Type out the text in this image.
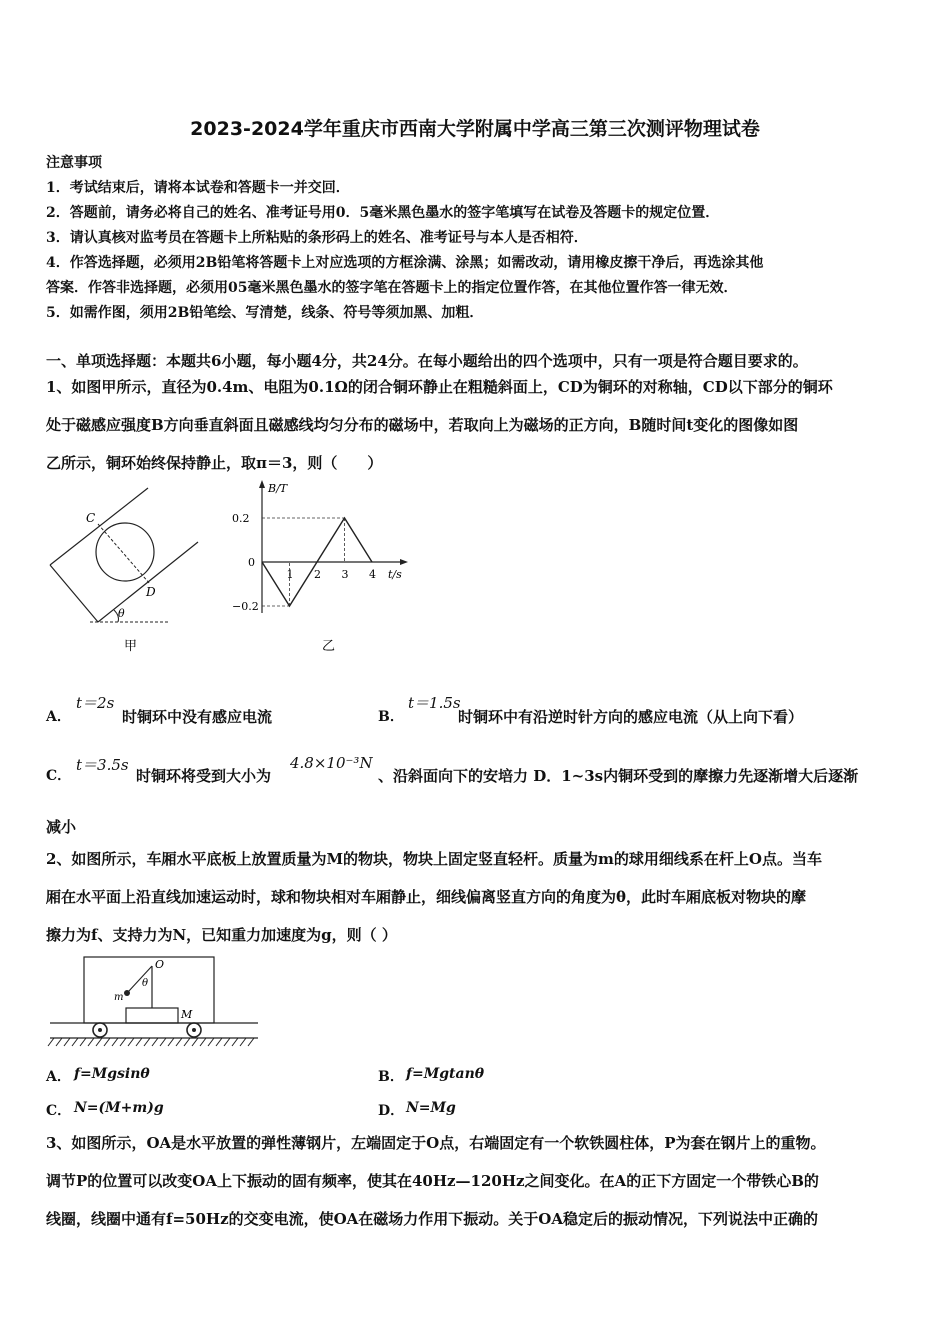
2023-2024学年重庆市西南大学附属中学高三第三次测评物理试卷
注意事项
1．考试结束后，请将本试卷和答题卡一并交回．
2．答题前，请务必将自己的姓名、准考证号用0．5毫米黑色墨水的签字笔填写在试卷及答题卡的规定位置．
3．请认真核对监考员在答题卡上所粘贴的条形码上的姓名、准考证号与本人是否相符．
4．作答选择题，必须用2B铅笔将答题卡上对应选项的方框涂满、涂黑；如需改动，请用橡皮擦干净后，再选涂其他
答案．作答非选择题，必须用05毫米黑色墨水的签字笔在答题卡上的指定位置作答，在其他位置作答一律无效．
5．如需作图，须用2B铅笔绘、写清楚，线条、符号等须加黑、加粗．
一、单项选择题：本题共6小题，每小题4分，共24分。在每小题给出的四个选项中，只有一项是符合题目要求的。
1、如图甲所示，直径为0.4m、电阻为0.1Ω的闭合铜环静止在粗糙斜面上，CD为铜环的对称轴，CD以下部分的铜环
处于磁感应强度B方向垂直斜面且磁感线均匀分布的磁场中，若取向上为磁场的正方向，B随时间t变化的图像如图
乙所示，铜环始终保持静止，取π＝3，则（　　）
C
D
θ
甲
B/T
t/s
1 2 3 4
0.2
0
−0.2
乙
A．
t＝2s
时铜环中没有感应电流	B．
t＝1.5s
时铜环中有沿逆时针方向的感应电流（从上向下看）
C．
t＝3.5s
时铜环将受到大小为
4.8×10⁻³N
、沿斜面向下的安培力 D．1~3s内铜环受到的摩擦力先逐渐增大后逐渐
减小
2、如图所示，车厢水平底板上放置质量为M的物块，物块上固定竖直轻杆。质量为m的球用细线系在杆上O点。当车
厢在水平面上沿直线加速运动时，球和物块相对车厢静止，细线偏离竖直方向的角度为θ，此时车厢底板对物块的摩
擦力为f、支持力为N，已知重力加速度为g，则（ ）
O
m
θ
M
A． f=Mgsinθ	B． f=Mgtanθ
C． N=(M+m)g	D． N=Mg
3、如图所示，OA是水平放置的弹性薄钢片，左端固定于O点，右端固定有一个软铁圆柱体，P为套在钢片上的重物。
调节P的位置可以改变OA上下振动的固有频率，使其在40Hz—120Hz之间变化。在A的正下方固定一个带铁心B的
线圈，线圈中通有f=50Hz的交变电流，使OA在磁场力作用下振动。关于OA稳定后的振动情况，下列说法中正确的
